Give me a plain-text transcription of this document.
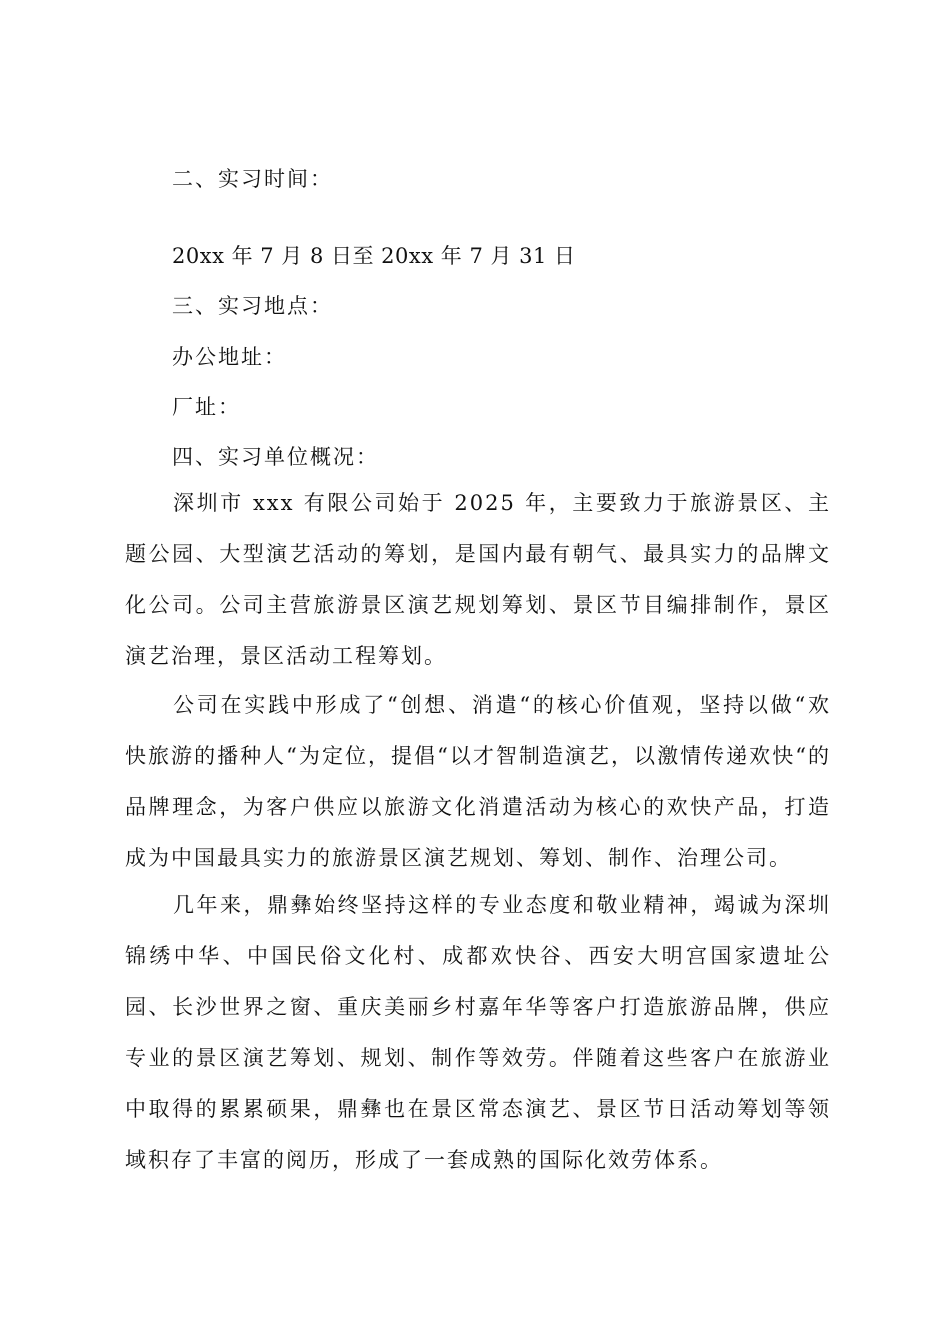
二、实习时间：
20xx 年 7 月 8 日至 20xx 年 7 月 31 日
三、实习地点：
办公地址：
厂址：
四、实习单位概况：
深圳市 xxx 有限公司始于 2025 年，主要致力于旅游景区、主题公园、大型演艺活动的筹划，是国内最有朝气、最具实力的品牌文化公司。公司主营旅游景区演艺规划筹划、景区节目编排制作，景区演艺治理，景区活动工程筹划。
公司在实践中形成了“创想、消遣“的核心价值观，坚持以做“欢快旅游的播种人“为定位，提倡“以才智制造演艺，以激情传递欢快“的品牌理念，为客户供应以旅游文化消遣活动为核心的欢快产品，打造成为中国最具实力的旅游景区演艺规划、筹划、制作、治理公司。
几年来，鼎彝始终坚持这样的专业态度和敬业精神，竭诚为深圳锦绣中华、中国民俗文化村、成都欢快谷、西安大明宫国家遗址公园、长沙世界之窗、重庆美丽乡村嘉年华等客户打造旅游品牌，供应专业的景区演艺筹划、规划、制作等效劳。伴随着这些客户在旅游业中取得的累累硕果，鼎彝也在景区常态演艺、景区节日活动筹划等领域积存了丰富的阅历，形成了一套成熟的国际化效劳体系。
